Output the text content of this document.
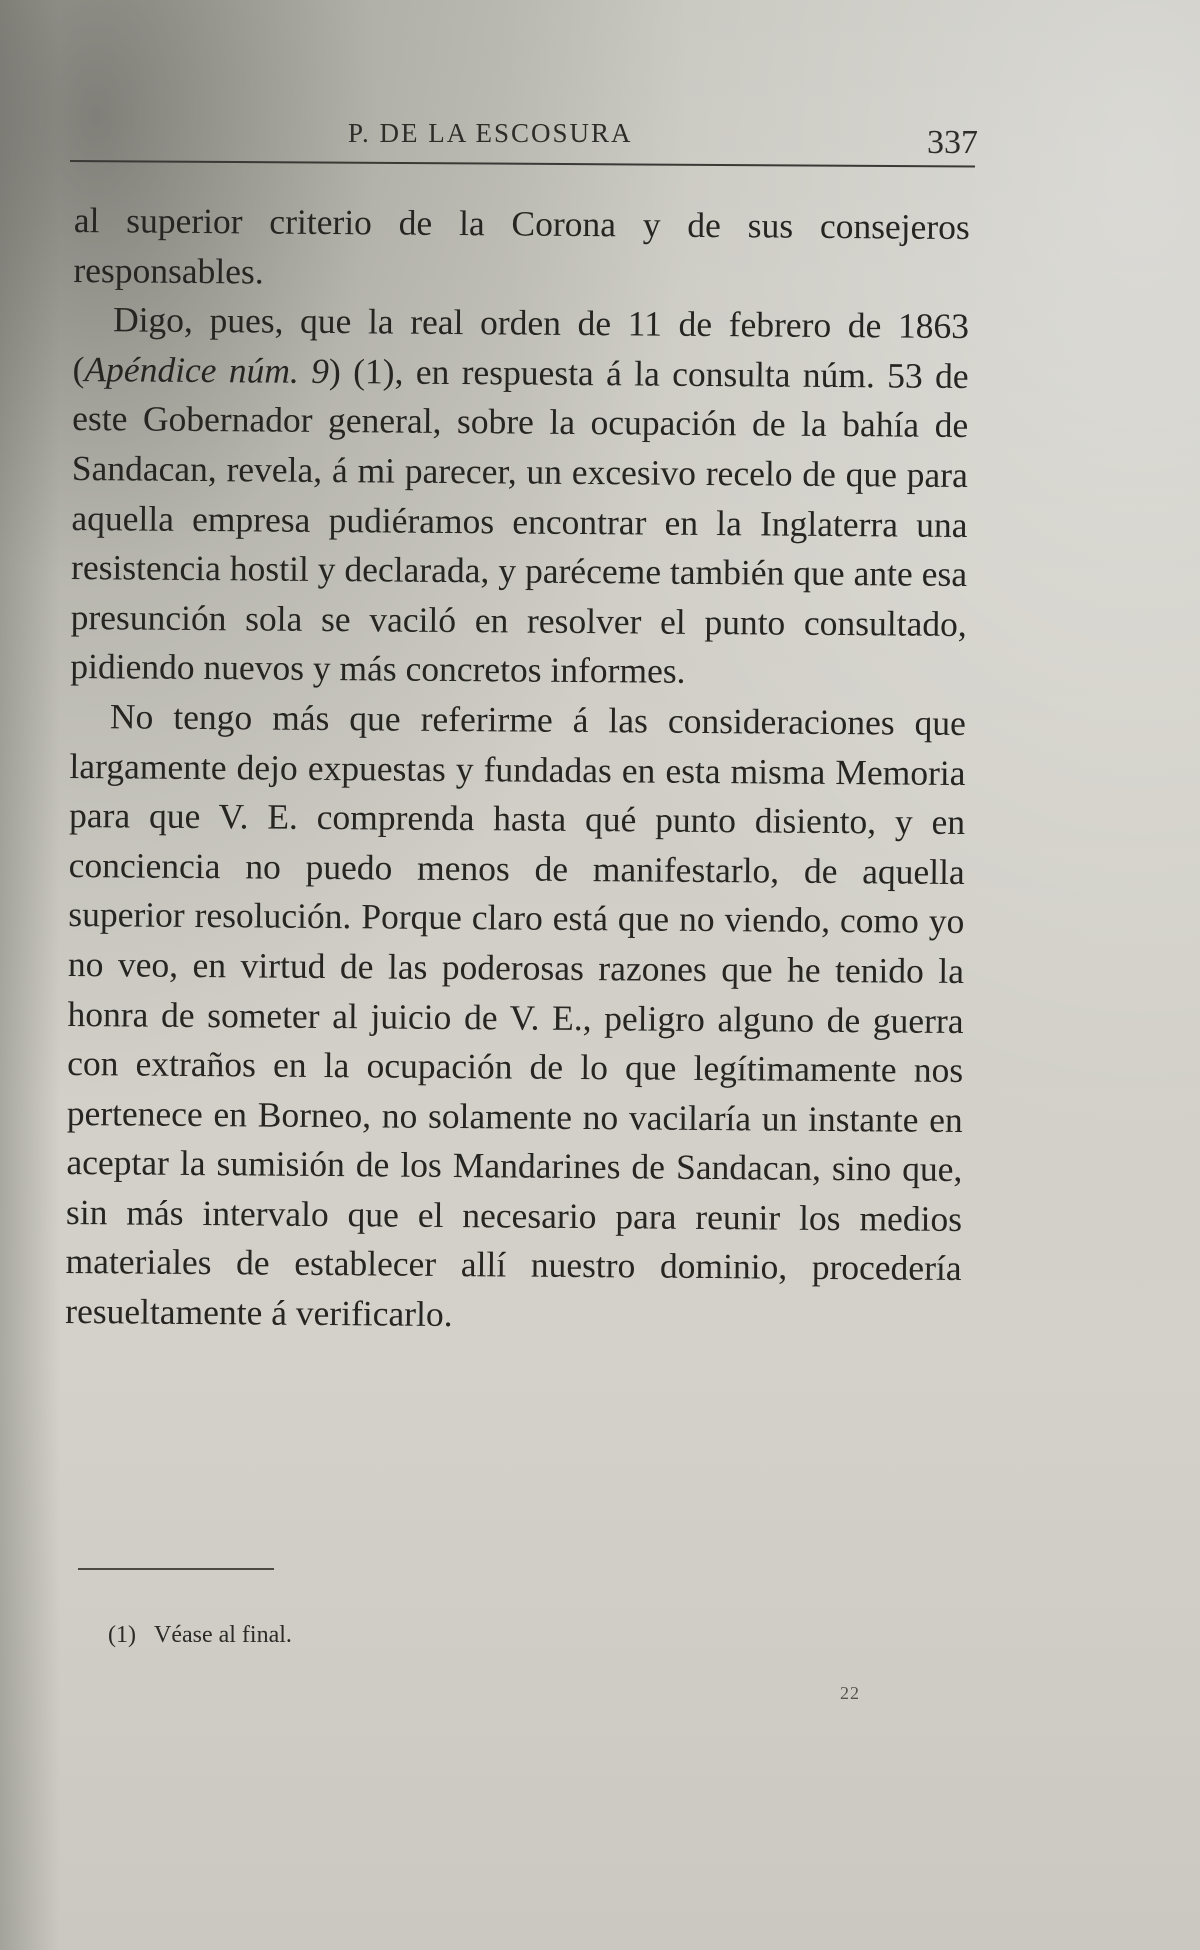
P. DE LA ESCOSURA	337

al superior criterio de la Corona y de sus consejeros responsables.

Digo, pues, que la real orden de 11 de febrero de 1863 (Apéndice núm. 9) (1), en respuesta á la consulta núm. 53 de este Gobernador general, sobre la ocupación de la bahía de Sandacan, revela, á mi parecer, un excesivo recelo de que para aquella empresa pudiéramos encontrar en la Inglaterra una resistencia hostil y declarada, y paréceme también que ante esa presunción sola se vaciló en resolver el punto consultado, pidiendo nuevos y más concretos informes.

No tengo más que referirme á las consideraciones que largamente dejo expuestas y fundadas en esta misma Memoria para que V. E. comprenda hasta qué punto disiento, y en conciencia no puedo menos de manifestarlo, de aquella superior resolución. Porque claro está que no viendo, como yo no veo, en virtud de las poderosas razones que he tenido la honra de someter al juicio de V. E., peligro alguno de guerra con extraños en la ocupación de lo que legítimamente nos pertenece en Borneo, no solamente no vacilaría un instante en aceptar la sumisión de los Mandarines de Sandacan, sino que, sin más intervalo que el necesario para reunir los medios materiales de establecer allí nuestro dominio, procedería resueltamente á verificarlo.

(1) Véase al final.
22
